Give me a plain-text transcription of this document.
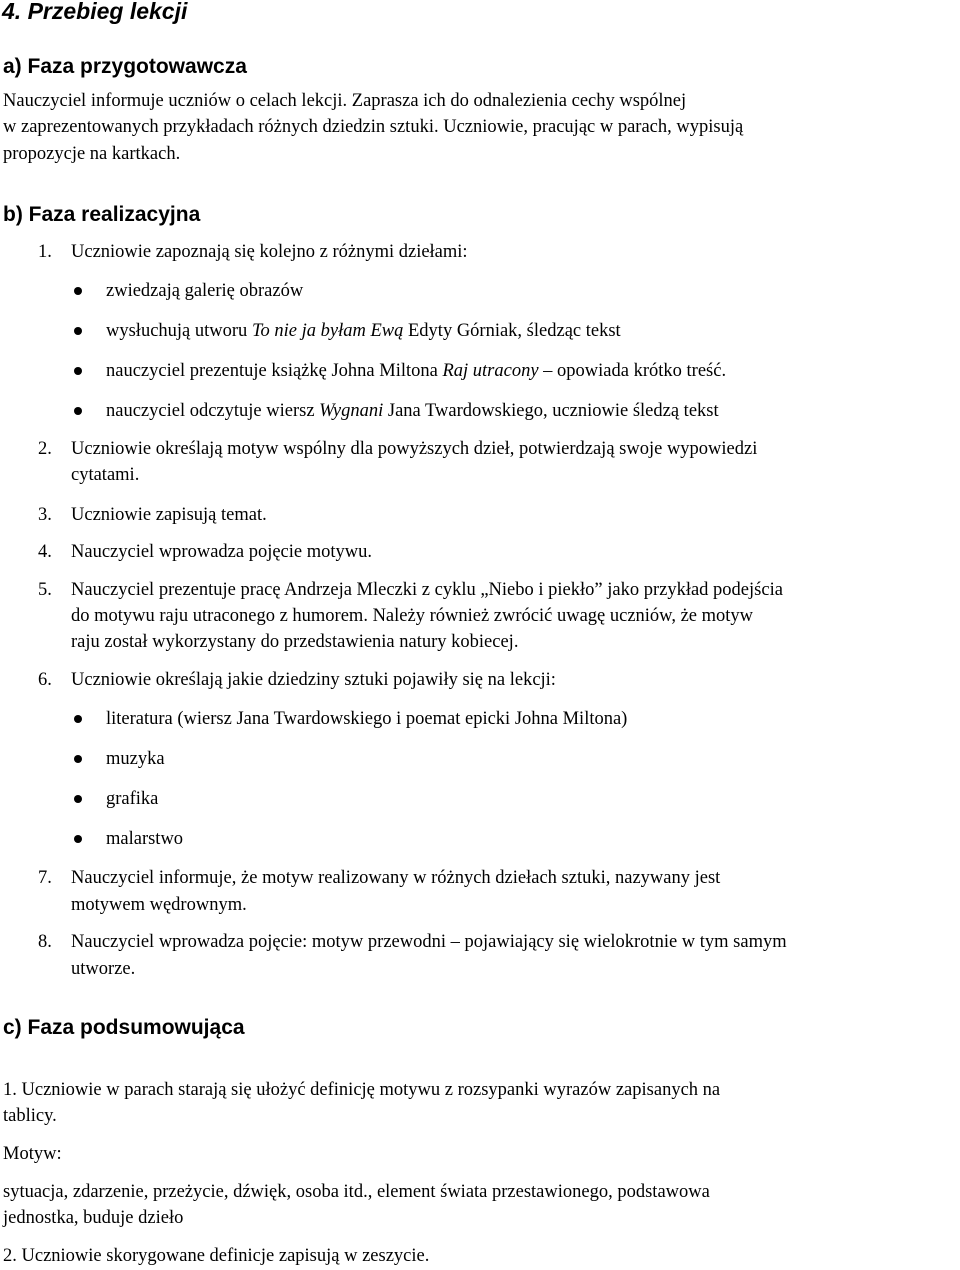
4. Przebieg lekcji
a) Faza przygotowawcza

Nauczyciel informuje uczniów o celach lekcji. Zaprasza ich do odnalezienia cechy wspólnej

w zaprezentowanych przykładach różnych dziedzin sztuki. Uczniowie, pracując w parach, wypisują

propozycje na kartkach.

b) Faza realizacyjna
1. Uczniowie zapoznają się kolejno z różnymi dziełami:
zwiedzają galerię obrazów
wysłuchują utworu To nie ja byłam Ewą Edyty Górniak, śledząc tekst
nauczyciel prezentuje książkę Johna Miltona Raj utracony – opowiada krótko treść.
nauczyciel odczytuje wiersz Wygnani Jana Twardowskiego, uczniowie śledzą tekst
2. Uczniowie określają motyw wspólny dla powyższych dzieł, potwierdzają swoje wypowiedzi
cytatami.
3. Uczniowie zapisują temat.
4. Nauczyciel wprowadza pojęcie motywu.
5. Nauczyciel prezentuje pracę Andrzeja Mleczki z cyklu „Niebo i piekło” jako przykład podejścia
do motywu raju utraconego z humorem. Należy również zwrócić uwagę uczniów, że motyw
raju został wykorzystany do przedstawienia natury kobiecej.
6. Uczniowie określają jakie dziedziny sztuki pojawiły się na lekcji:
literatura (wiersz Jana Twardowskiego i poemat epicki Johna Miltona)
muzyka
grafika
malarstwo
7. Nauczyciel informuje, że motyw realizowany w różnych dziełach sztuki, nazywany jest
motywem wędrownym.
8. Nauczyciel wprowadza pojęcie: motyw przewodni – pojawiający się wielokrotnie w tym samym
utworze.
c) Faza podsumowująca

1. Uczniowie w parach starają się ułożyć definicję motywu z rozsypanki wyrazów zapisanych na

tablicy.

Motyw:

sytuacja, zdarzenie, przeżycie, dźwięk, osoba itd., element świata przestawionego, podstawowa

jednostka, buduje dzieło

2. Uczniowie skorygowane definicje zapisują w zeszycie.
